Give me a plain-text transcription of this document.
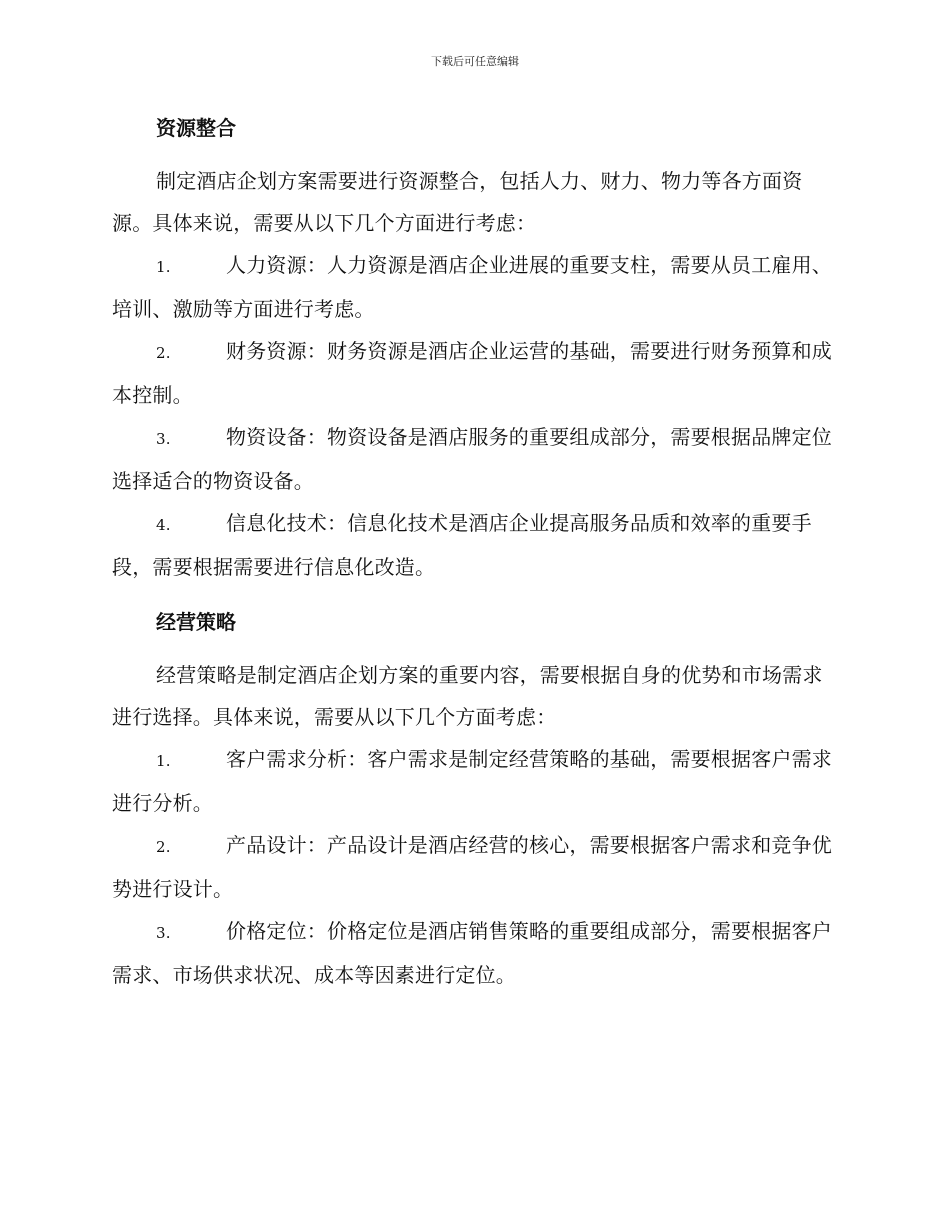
下载后可任意编辑
资源整合

制定酒店企划方案需要进行资源整合，包括人力、财力、物力等各方面资源。具体来说，需要从以下几个方面进行考虑：

1.	人力资源：人力资源是酒店企业进展的重要支柱，需要从员工雇用、培训、激励等方面进行考虑。
2.	财务资源：财务资源是酒店企业运营的基础，需要进行财务预算和成本控制。
3.	物资设备：物资设备是酒店服务的重要组成部分，需要根据品牌定位选择适合的物资设备。
4.	信息化技术：信息化技术是酒店企业提高服务品质和效率的重要手段，需要根据需要进行信息化改造。
经营策略

经营策略是制定酒店企划方案的重要内容，需要根据自身的优势和市场需求进行选择。具体来说，需要从以下几个方面考虑：

1.	客户需求分析：客户需求是制定经营策略的基础，需要根据客户需求进行分析。
2.	产品设计：产品设计是酒店经营的核心，需要根据客户需求和竞争优势进行设计。
3.	价格定位：价格定位是酒店销售策略的重要组成部分，需要根据客户需求、市场供求状况、成本等因素进行定位。
